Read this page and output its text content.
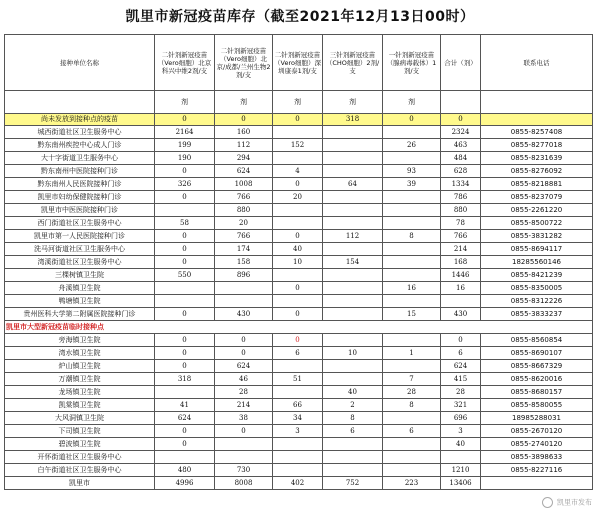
凯里市新冠疫苗库存（截至2021年12月13日00时）
接种单位名称	二针剂新冠疫苗（Vero细胞）北京科兴中维2剂/支	二针剂新冠疫苗（Vero细胞）北京/成都/兰州生物2剂/支	二针剂新冠疫苗（Vero细胞）深圳康泰1剂/支	三针剂新冠疫苗（CHO细胞）2剂/支	一针剂新冠疫苗（腺病毒载体）1剂/支	合计（剂）	联系电话
	剂	剂	剂	剂	剂		
尚未发放到接种点的疫苗	0	0	0	318	0	0	
城西街道社区卫生服务中心	2164	160				2324	0855-8257408
黔东南州疾控中心成人门诊	199	112	152		26	463	0855-8277018
大十字街道卫生服务中心	190	294				484	0855-8231639
黔东南州中医院接种门诊	0	624	4		93	628	0855-8276092
黔东南州人民医院接种门诊	326	1008	0	64	39	1334	0855-8218881
凯里市妇幼保健院接种门诊	0	766	20			786	0855-8237079
凯里市中医医院接种门诊		880				880	0855-2261220
西门街道社区卫生服务中心	58	20				78	0855-8500722
凯里市第一人民医院接种门诊	0	766	0	112	8	766	0855-3831282
洗马河街道社区卫生服务中心	0	174	40			214	0855-8694117
湾溪街道社区卫生服务中心	0	158	10	154		168	18285560146
三棵树镇卫生院	550	896				1446	0855-8421239
舟溪镇卫生院			0		16	16	0855-8350005
鸭塘镇卫生院							0855-8312226
贵州医科大学第二附属医院接种门诊	0	430	0		15	430	0855-3833237
凯里市大型新冠疫苗临时接种点							
旁海镇卫生院	0	0	0			0	0855-8560854
湾水镇卫生院	0	0	6	10	1	6	0855-8690107
炉山镇卫生院	0	624				624	0855-8667329
万潮镇卫生院	318	46	51		7	415	0855-8620016
龙场镇卫生院		28		40	28	28	0855-8680157
凯棠镇卫生院	41	214	66	2	8	321	0855-8580055
大风洞镇卫生院	624	38	34	8		696	18985288031
下司镇卫生院	0	0	3	6	6	3	0855-2670120
碧波镇卫生院	0					40	0855-2740120
开怀街道社区卫生服务中心							0855-3898633
白午街道社区卫生服务中心	480	730				1210	0855-8227116
凯里市	4996	8008	402	752	223	13406	
凯里市发布
